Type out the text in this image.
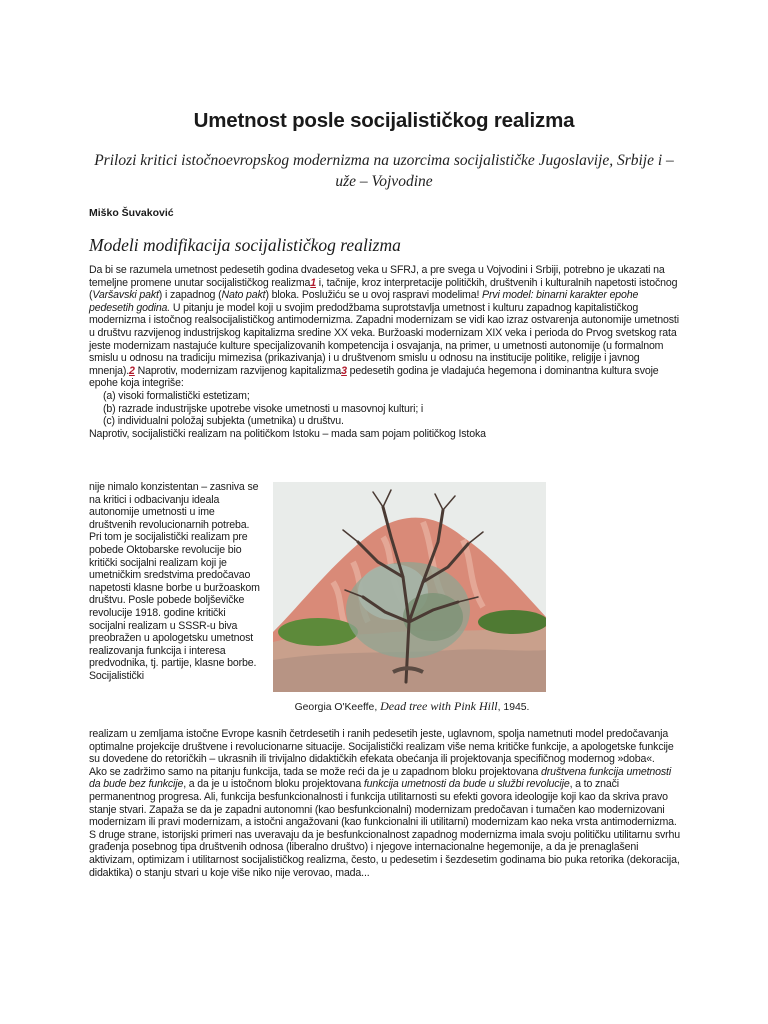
Umetnost posle socijalističkog realizma
Prilozi kritici istočnoevropskog modernizma na uzorcima socijalističke Jugoslavije, Srbije i – uže – Vojvodine
Miško Šuvaković
Modeli modifikacija socijalističkog realizma

Da bi se razumela umetnost pedesetih godina dvadesetog veka u SFRJ, a pre svega u Vojvodini i Srbiji, potrebno je ukazati na temeljne promene unutar socijalističkog realizma1 i, tačnije, kroz interpretacije političkih, društvenih i kulturalnih napetosti istočnog (Varšavski pakt) i zapadnog (Nato pakt) bloka. Poslužiću se u ovoj raspravi modelima! Prvi model: binarni karakter epohe pedesetih godina. U pitanju je model koji u svojim predodžbama suprotstavlja umetnost i kulturu zapadnog kapitalističkog modernizma i istočnog realsocijalističkog antimodernizma. Zapadni modernizam se vidi kao izraz ostvarenja autonomije umetnosti u društvu razvijenog industrijskog kapitalizma sredine XX veka. Buržoaski modernizam XIX veka i perioda do Prvog svetskog rata jeste modernizam nastajuće kulture specijalizovanih kompetencija i osvajanja, na primer, u umetnosti autonomije (u formalnom smislu u odnosu na tradiciju mimezisa (prikazivanja) i u društvenom smislu u odnosu na institucije politike, religije i javnog mnenja).2 Naprotiv, modernizam razvijenog kapitalizma3 pedesetih godina je vladajuća hegemona i dominantna kultura svoje epohe koja integriše:

(a) visoki formalistički estetizam;
(b) razrade industrijske upotrebe visoke umetnosti u masovnoj kulturi; i
(c) individualni položaj subjekta (umetnika) u društvu.

Naprotiv, socijalistički realizam na političkom Istoku – mada sam pojam političkog Istoka

nije nimalo konzistentan – zasniva se na kritici i odbacivanju ideala autonomije umetnosti u ime društvenih revolucionarnih potreba. Pri tom je socijalistički realizam pre pobede Oktobarske revolucije bio kritički socijalni realizam koji je umetničkim sredstvima predočavao napetosti klasne borbe u buržoaskom društvu. Posle pobede boljševičke revolucije 1918. godine kritički socijalni realizam u SSSR-u biva preobražen u apologetsku umetnost realizovanja funkcija i interesa predvodnika, tj. partije, klasne borbe. Socijalistički
Georgia O'Keeffe, Dead tree with Pink Hill, 1945.

realizam u zemljama istočne Evrope kasnih četrdesetih i ranih pedesetih jeste, uglavnom, spolja nametnuti model predočavanja optimalne projekcije društvene i revolucionarne situacije. Socijalistički realizam više nema kritičke funkcije, a apologetske funkcije su dovedene do retoričkih – ukrasnih ili trivijalno didaktičkih efekata obećanja ili projektovanja specifičnog modernog »doba«.

Ako se zadržimo samo na pitanju funkcija, tada se može reći da je u zapadnom bloku projektovana društvena funkcija umetnosti da bude bez funkcije, a da je u istočnom bloku projektovana funkcija umetnosti da bude u službi revolucije, a to znači permanentnog progresa. Ali, funkcija besfunkcionalnosti i funkcija utilitarnosti su efekti govora ideologije koji kao da skriva pravo stanje stvari. Zapaža se da je zapadni autonomni (kao besfunkcionalni) modernizam predočavan i tumačen kao modernizovani modernizam ili pravi modernizam, a istočni angažovani (kao funkcionalni ili utilitarni) modernizam kao neka vrsta antimodernizma. S druge strane, istorijski primeri nas uveravaju da je besfunkcionalnost zapadnog modernizma imala svoju političku utilitarnu svrhu građenja posebnog tipa društvenih odnosa (liberalno društvo) i njegove internacionalne hegemonije, a da je prenaglašeni aktivizam, optimizam i utilitarnost socijalističkog realizma, često, u pedesetim i šezdesetim godinama bio puka retorika (dekoracija, didaktika) o stanju stvari u koje više niko nije verovao, mada...
